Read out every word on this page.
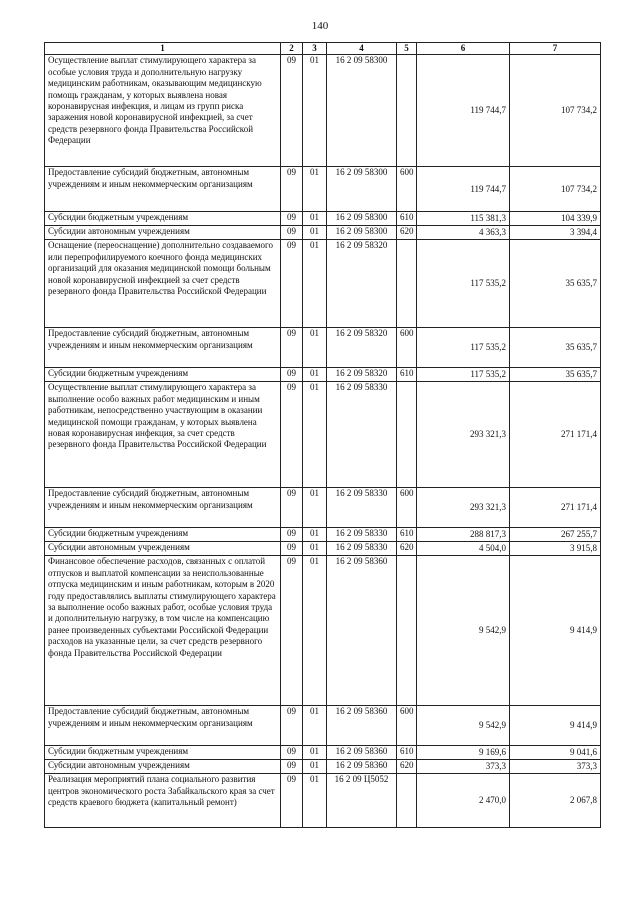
140
1	2	3	4	5	6	7
Осуществление выплат стимулирующего характера за особые условия труда и дополнительную нагрузку медицинским работникам, оказывающим медицинскую помощь гражданам, у которых выявлена новая коронавирусная инфекция, и лицам из групп риска заражения новой коронавирусной инфекцией, за счет средств резервного фонда Правительства Российской Федерации	09	01	16 2 09 58300		119 744,7	107 734,2
Предоставление субсидий бюджетным, автономным учреждениям и иным некоммерческим организациям	09	01	16 2 09 58300	600	119 744,7	107 734,2
Субсидии бюджетным учреждениям	09	01	16 2 09 58300	610	115 381,3	104 339,9
Субсидии автономным учреждениям	09	01	16 2 09 58300	620	4 363,3	3 394,4
Оснащение (переоснащение) дополнительно создаваемого или перепрофилируемого коечного фонда медицинских организаций для оказания медицинской помощи больным новой коронавирусной инфекцией за счет средств резервного фонда Правительства Российской Федерации	09	01	16 2 09 58320		117 535,2	35 635,7
Предоставление субсидий бюджетным, автономным учреждениям и иным некоммерческим организациям	09	01	16 2 09 58320	600	117 535,2	35 635,7
Субсидии бюджетным учреждениям	09	01	16 2 09 58320	610	117 535,2	35 635,7
Осуществление выплат стимулирующего характера за выполнение особо важных работ медицинским и иным работникам, непосредственно участвующим в оказании медицинской помощи гражданам, у которых выявлена новая коронавирусная инфекция, за счет средств резервного фонда Правительства Российской Федерации	09	01	16 2 09 58330		293 321,3	271 171,4
Предоставление субсидий бюджетным, автономным учреждениям и иным некоммерческим организациям	09	01	16 2 09 58330	600	293 321,3	271 171,4
Субсидии бюджетным учреждениям	09	01	16 2 09 58330	610	288 817,3	267 255,7
Субсидии автономным учреждениям	09	01	16 2 09 58330	620	4 504,0	3 915,8
Финансовое обеспечение расходов, связанных с оплатой отпусков и выплатой компенсации за неиспользованные отпуска медицинским и иным работникам, которым в 2020 году предоставлялись выплаты стимулирующего характера за выполнение особо важных работ, особые условия труда и дополнительную нагрузку, в том числе на компенсацию ранее произведенных субъектами Российской Федерации расходов на указанные цели, за счет средств резервного фонда Правительства Российской Федерации	09	01	16 2 09 58360		9 542,9	9 414,9
Предоставление субсидий бюджетным, автономным учреждениям и иным некоммерческим организациям	09	01	16 2 09 58360	600	9 542,9	9 414,9
Субсидии бюджетным учреждениям	09	01	16 2 09 58360	610	9 169,6	9 041,6
Субсидии автономным учреждениям	09	01	16 2 09 58360	620	373,3	373,3
Реализация мероприятий плана социального развития центров экономического роста Забайкальского края за счет средств краевого бюджета (капитальный ремонт)	09	01	16 2 09 Ц5052		2 470,0	2 067,8
